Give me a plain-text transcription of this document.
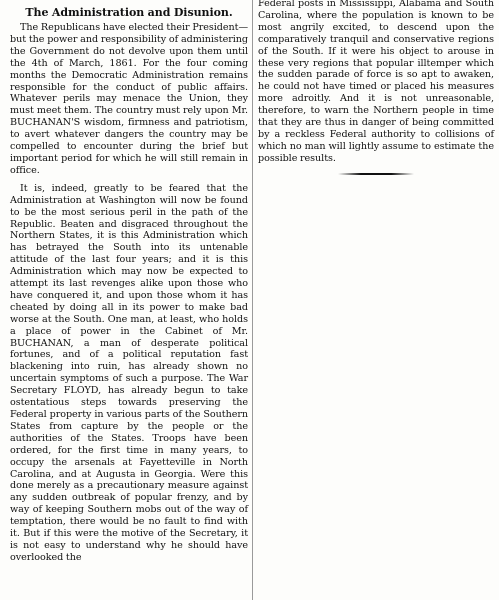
The Administration and Disunion.

The Republicans have elected their President—but the power and responsibility of administering the Government do not devolve upon them until the 4th of March, 1861. For the four coming months the Democratic Administration remains responsible for the conduct of public affairs. Whatever perils may menace the Union, they must meet them. The country must rely upon Mr. BUCHANAN'S wisdom, firmness and patriotism, to avert whatever dangers the country may be compelled to encounter during the brief but important period for which he will still remain in office.

It is, indeed, greatly to be feared that the Administration at Washington will now be found to be the most serious peril in the path of the Republic. Beaten and disgraced throughout the Northern States, it is this Administration which has betrayed the South into its untenable attitude of the last four years; and it is this Administration which may now be expected to attempt its last revenges alike upon those who have conquered it, and upon those whom it has cheated by doing all in its power to make bad worse at the South. One man, at least, who holds a place of power in the Cabinet of Mr. BUCHANAN, a man of desperate political fortunes, and of a political reputation fast blackening into ruin, has already shown no uncertain symptoms of such a purpose. The War Secretary FLOYD, has already begun to take ostentatious steps towards preserving the Federal property in various parts of the Southern States from capture by the people or the authorities of the States. Troops have been ordered, for the first time in many years, to occupy the arsenals at Fayetteville in North Carolina, and at Augusta in Georgia. Were this done merely as a precautionary measure against any sudden outbreak of popular frenzy, and by way of keeping Southern mobs out of the way of temptation, there would be no fault to find with it. But if this were the motive of the Secretary, it is not easy to understand why he should have overlooked the

Federal posts in Mississippi, Alabama and South Carolina, where the population is known to be most angrily excited, to descend upon the comparatively tranquil and conservative regions of the South. If it were his object to arouse in these very regions that popular illtemper which the sudden parade of force is so apt to awaken, he could not have timed or placed his measures more adroitly. And it is not unreasonable, therefore, to warn the Northern people in time that they are thus in danger of being committed by a reckless Federal authority to collisions of which no man will lightly assume to estimate the possible results.
